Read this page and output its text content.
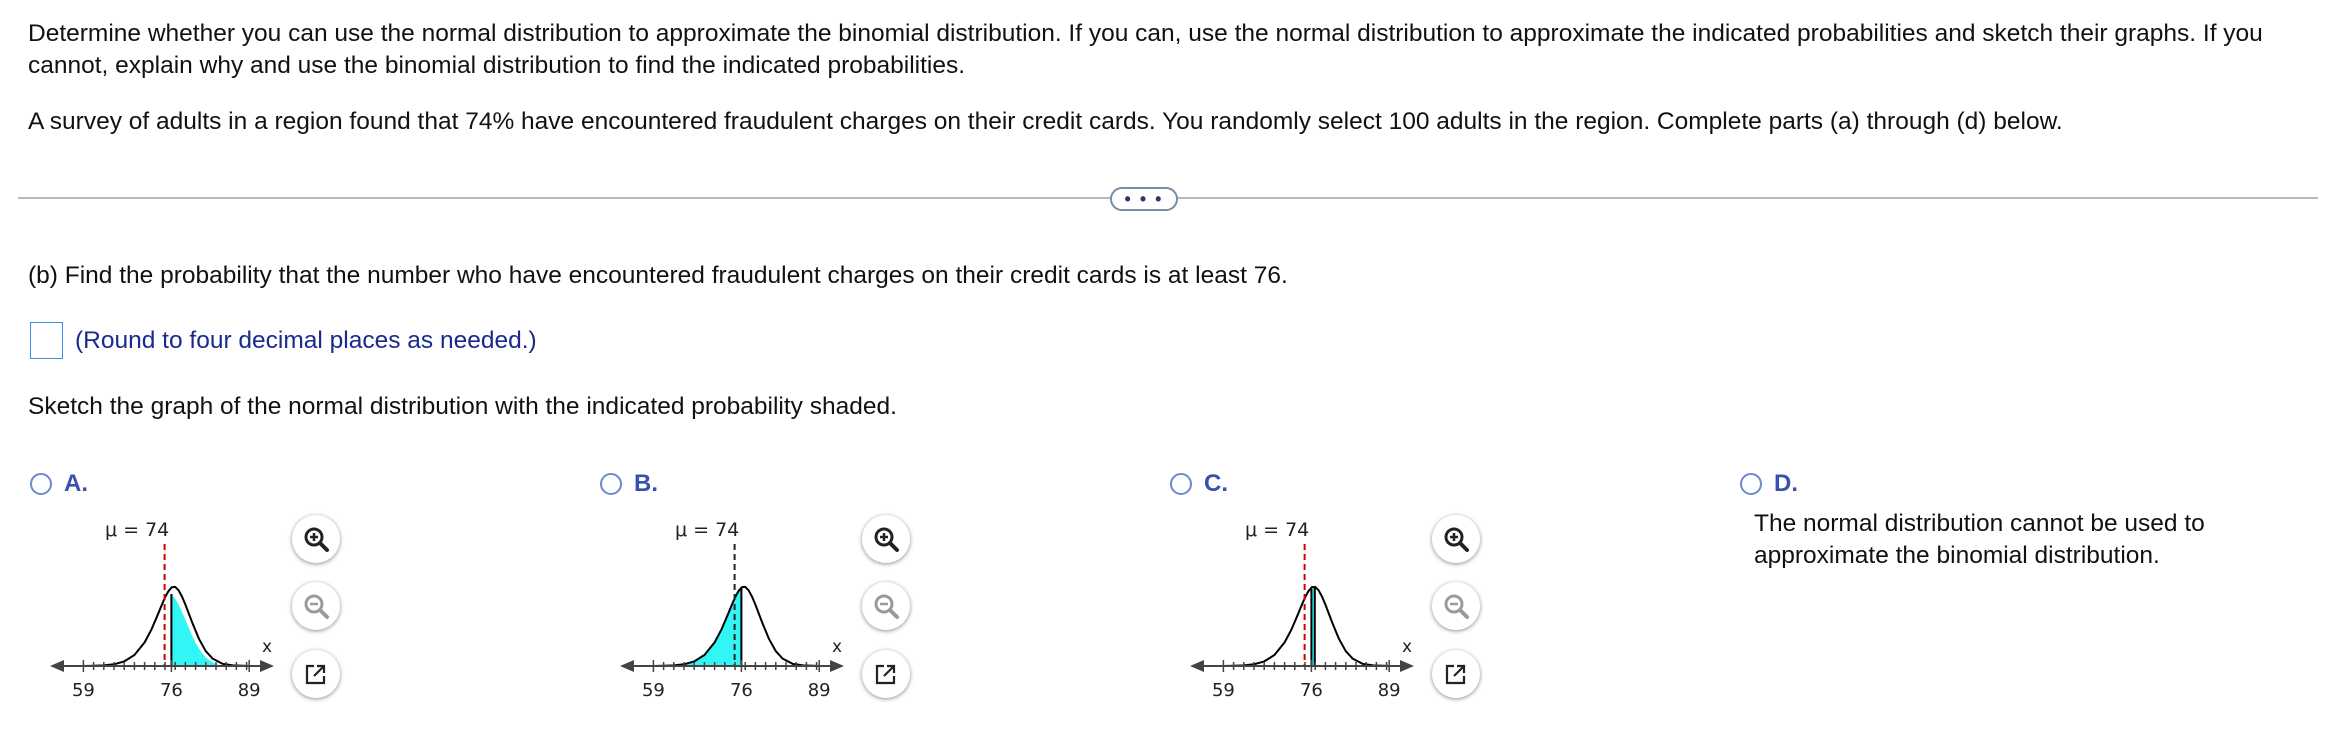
Determine whether you can use the normal distribution to approximate the binomial distribution. If you can, use the normal distribution to approximate the indicated probabilities and sketch their graphs. If you cannot, explain why and use the binomial distribution to find the indicated probabilities.

A survey of adults in a region found that 74% have encountered fraudulent charges on their credit cards. You randomly select 100 adults in the region. Complete parts (a) through (d) below.

• • •
(b) Find the probability that the number who have encountered fraudulent charges on their credit cards is at least 76.
(Round to four decimal places as needed.)
Sketch the graph of the normal distribution with the indicated probability shaded.
A.
μ = 74
x
59	76	89
B.
μ = 74
x
59	76	89
C.
μ = 74
x
59	76	89
D.
The normal distribution cannot be used to approximate the binomial distribution.
